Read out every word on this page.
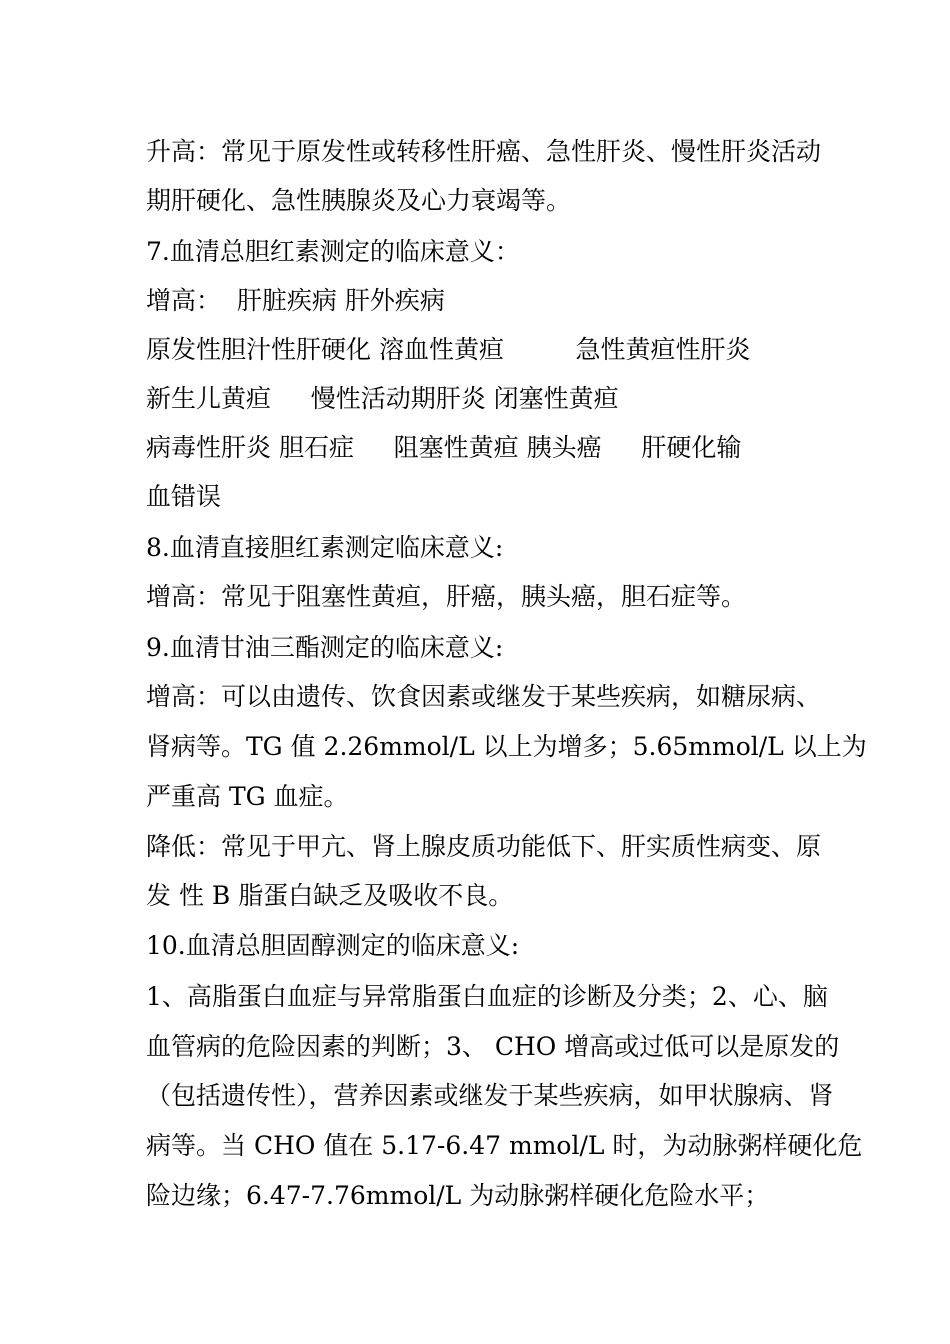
升高：常见于原发性或转移性肝癌、急性肝炎、慢性肝炎活动

期肝硬化、急性胰腺炎及心力衰竭等。

7.血清总胆红素测定的临床意义：

增高：  肝脏疾病 肝外疾病

原发性胆汁性肝硬化 溶血性黄疸         急性黄疸性肝炎

新生儿黄疸     慢性活动期肝炎 闭塞性黄疸

病毒性肝炎 胆石症     阻塞性黄疸 胰头癌     肝硬化输

血错误

8.血清直接胆红素测定临床意义:

增高：常见于阻塞性黄疸，肝癌，胰头癌，胆石症等。

9.血清甘油三酯测定的临床意义:

增高：可以由遗传、饮食因素或继发于某些疾病，如糖尿病、

肾病等。TG 值 2.26mmol/L 以上为增多；5.65mmol/L 以上为

严重高 TG 血症。

降低：常见于甲亢、肾上腺皮质功能低下、肝实质性病变、原

发 性 B 脂蛋白缺乏及吸收不良。

10.血清总胆固醇测定的临床意义:

1、高脂蛋白血症与异常脂蛋白血症的诊断及分类；2、心、脑

血管病的危险因素的判断；3、 CHO 增高或过低可以是原发的

（包括遗传性），营养因素或继发于某些疾病，如甲状腺病、肾

病等。当 CHO 值在 5.17-6.47 mmol/L 时，为动脉粥样硬化危

险边缘；6.47-7.76mmol/L 为动脉粥样硬化危险水平；
